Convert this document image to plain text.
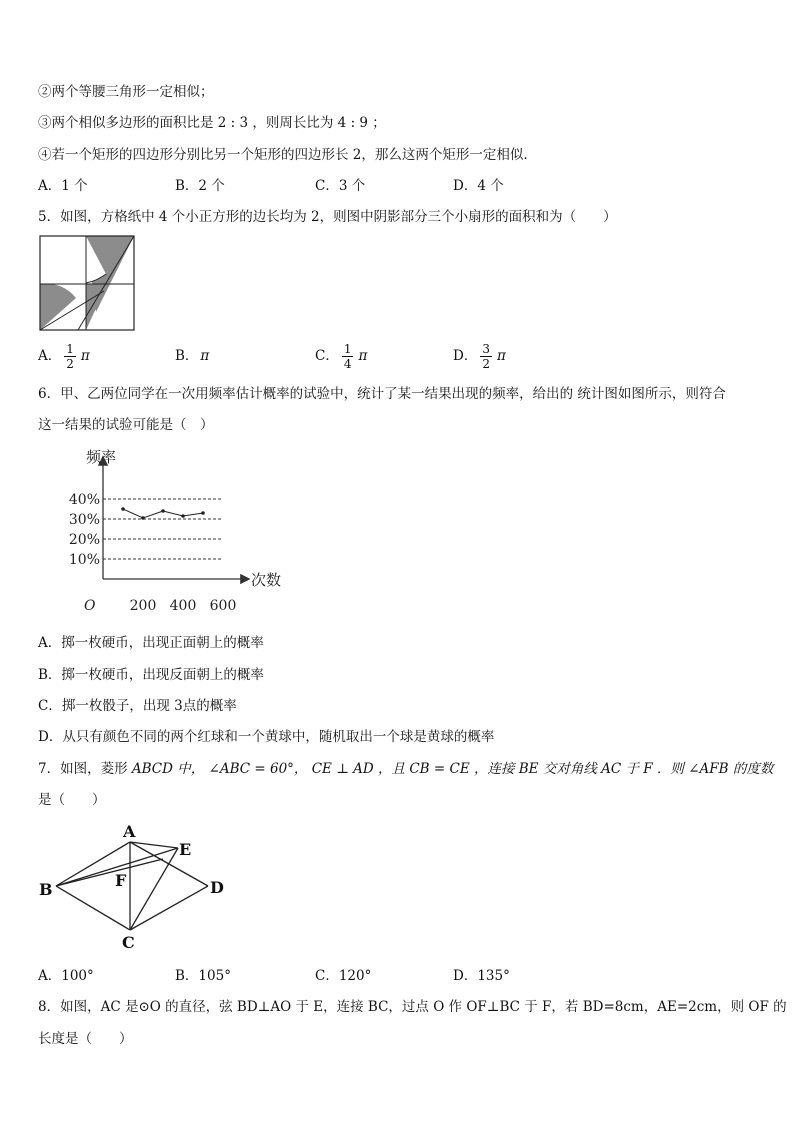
②两个等腰三角形一定相似；
③两个相似多边形的面积比是 2 : 3 ，则周长比为 4 : 9 ；
④若一个矩形的四边形分别比另一个矩形的四边形长 2，那么这两个矩形一定相似.
A．1 个	B．2 个	C．3 个	D．4 个
5．如图，方格纸中 4 个小正方形的边长均为 2，则图中阴影部分三个小扇形的面积和为（　　）
A． $\frac{1}{2}$ π	B． π	C． $\frac{1}{4}$ π	D． $\frac{3}{2}$ π
6．甲、乙两位同学在一次用频率估计概率的试验中，统计了某一结果出现的频率，给出的 统计图如图所示，则符合
这一结果的试验可能是（　）
频率
次数
O
10%
20%
30%
40%
200 400 600
A．掷一枚硬币，出现正面朝上的概率
B．掷一枚硬币，出现反面朝上的概率
C．掷一枚骰子，出现 3点的概率
D．从只有颜色不同的两个红球和一个黄球中，随机取出一个球是黄球的概率
7．如图，菱形 ABCD 中， ∠ABC = 60°， CE ⊥ AD ，且 CB = CE ，连接 BE 交对角线 AC 于 F ．则 ∠AFB 的度数
是（　　）
A
B
C
D
E
F
A．100°	B．105°	C．120°	D．135°
8．如图，AC 是⊙O 的直径，弦 BD⊥AO 于 E，连接 BC，过点 O 作 OF⊥BC 于 F，若 BD=8cm，AE=2cm，则 OF 的
长度是（　　）
